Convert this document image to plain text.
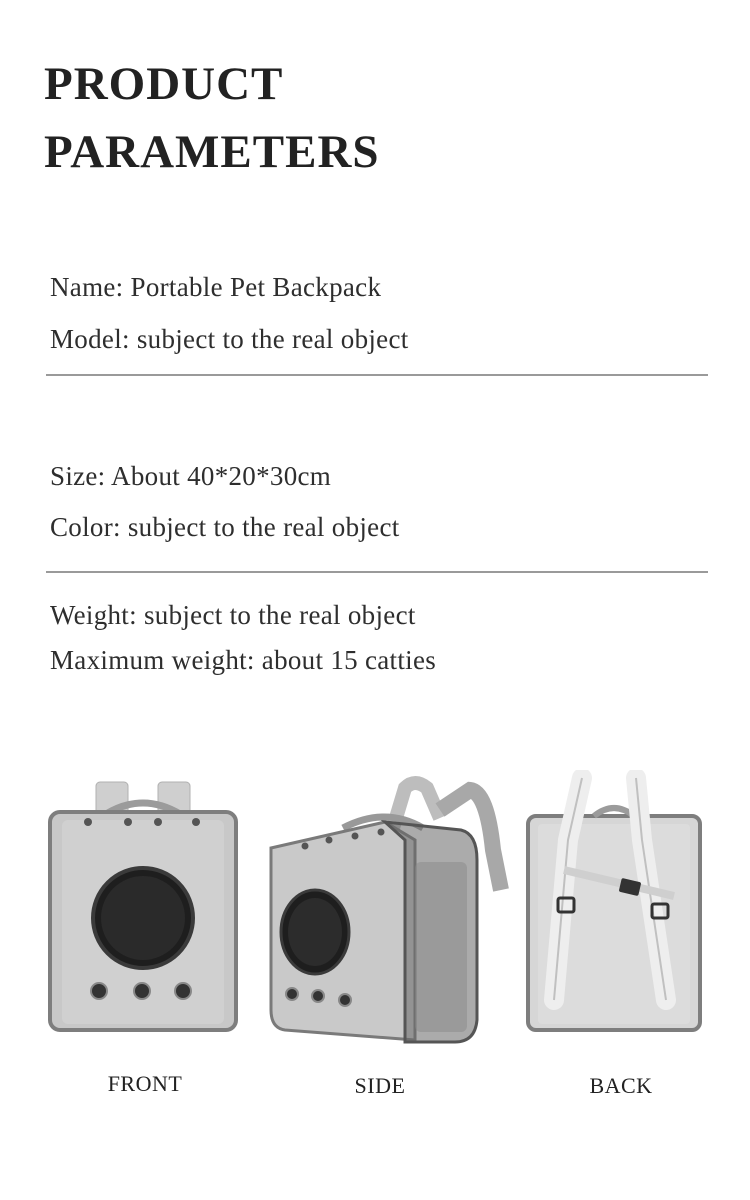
PRODUCT
PARAMETERS
Name: Portable Pet Backpack
Model: subject to the real object
Size: About 40*20*30cm
Color: subject to the real object
Weight: subject to the real object
Maximum weight: about 15 catties
FRONT	SIDE	BACK
